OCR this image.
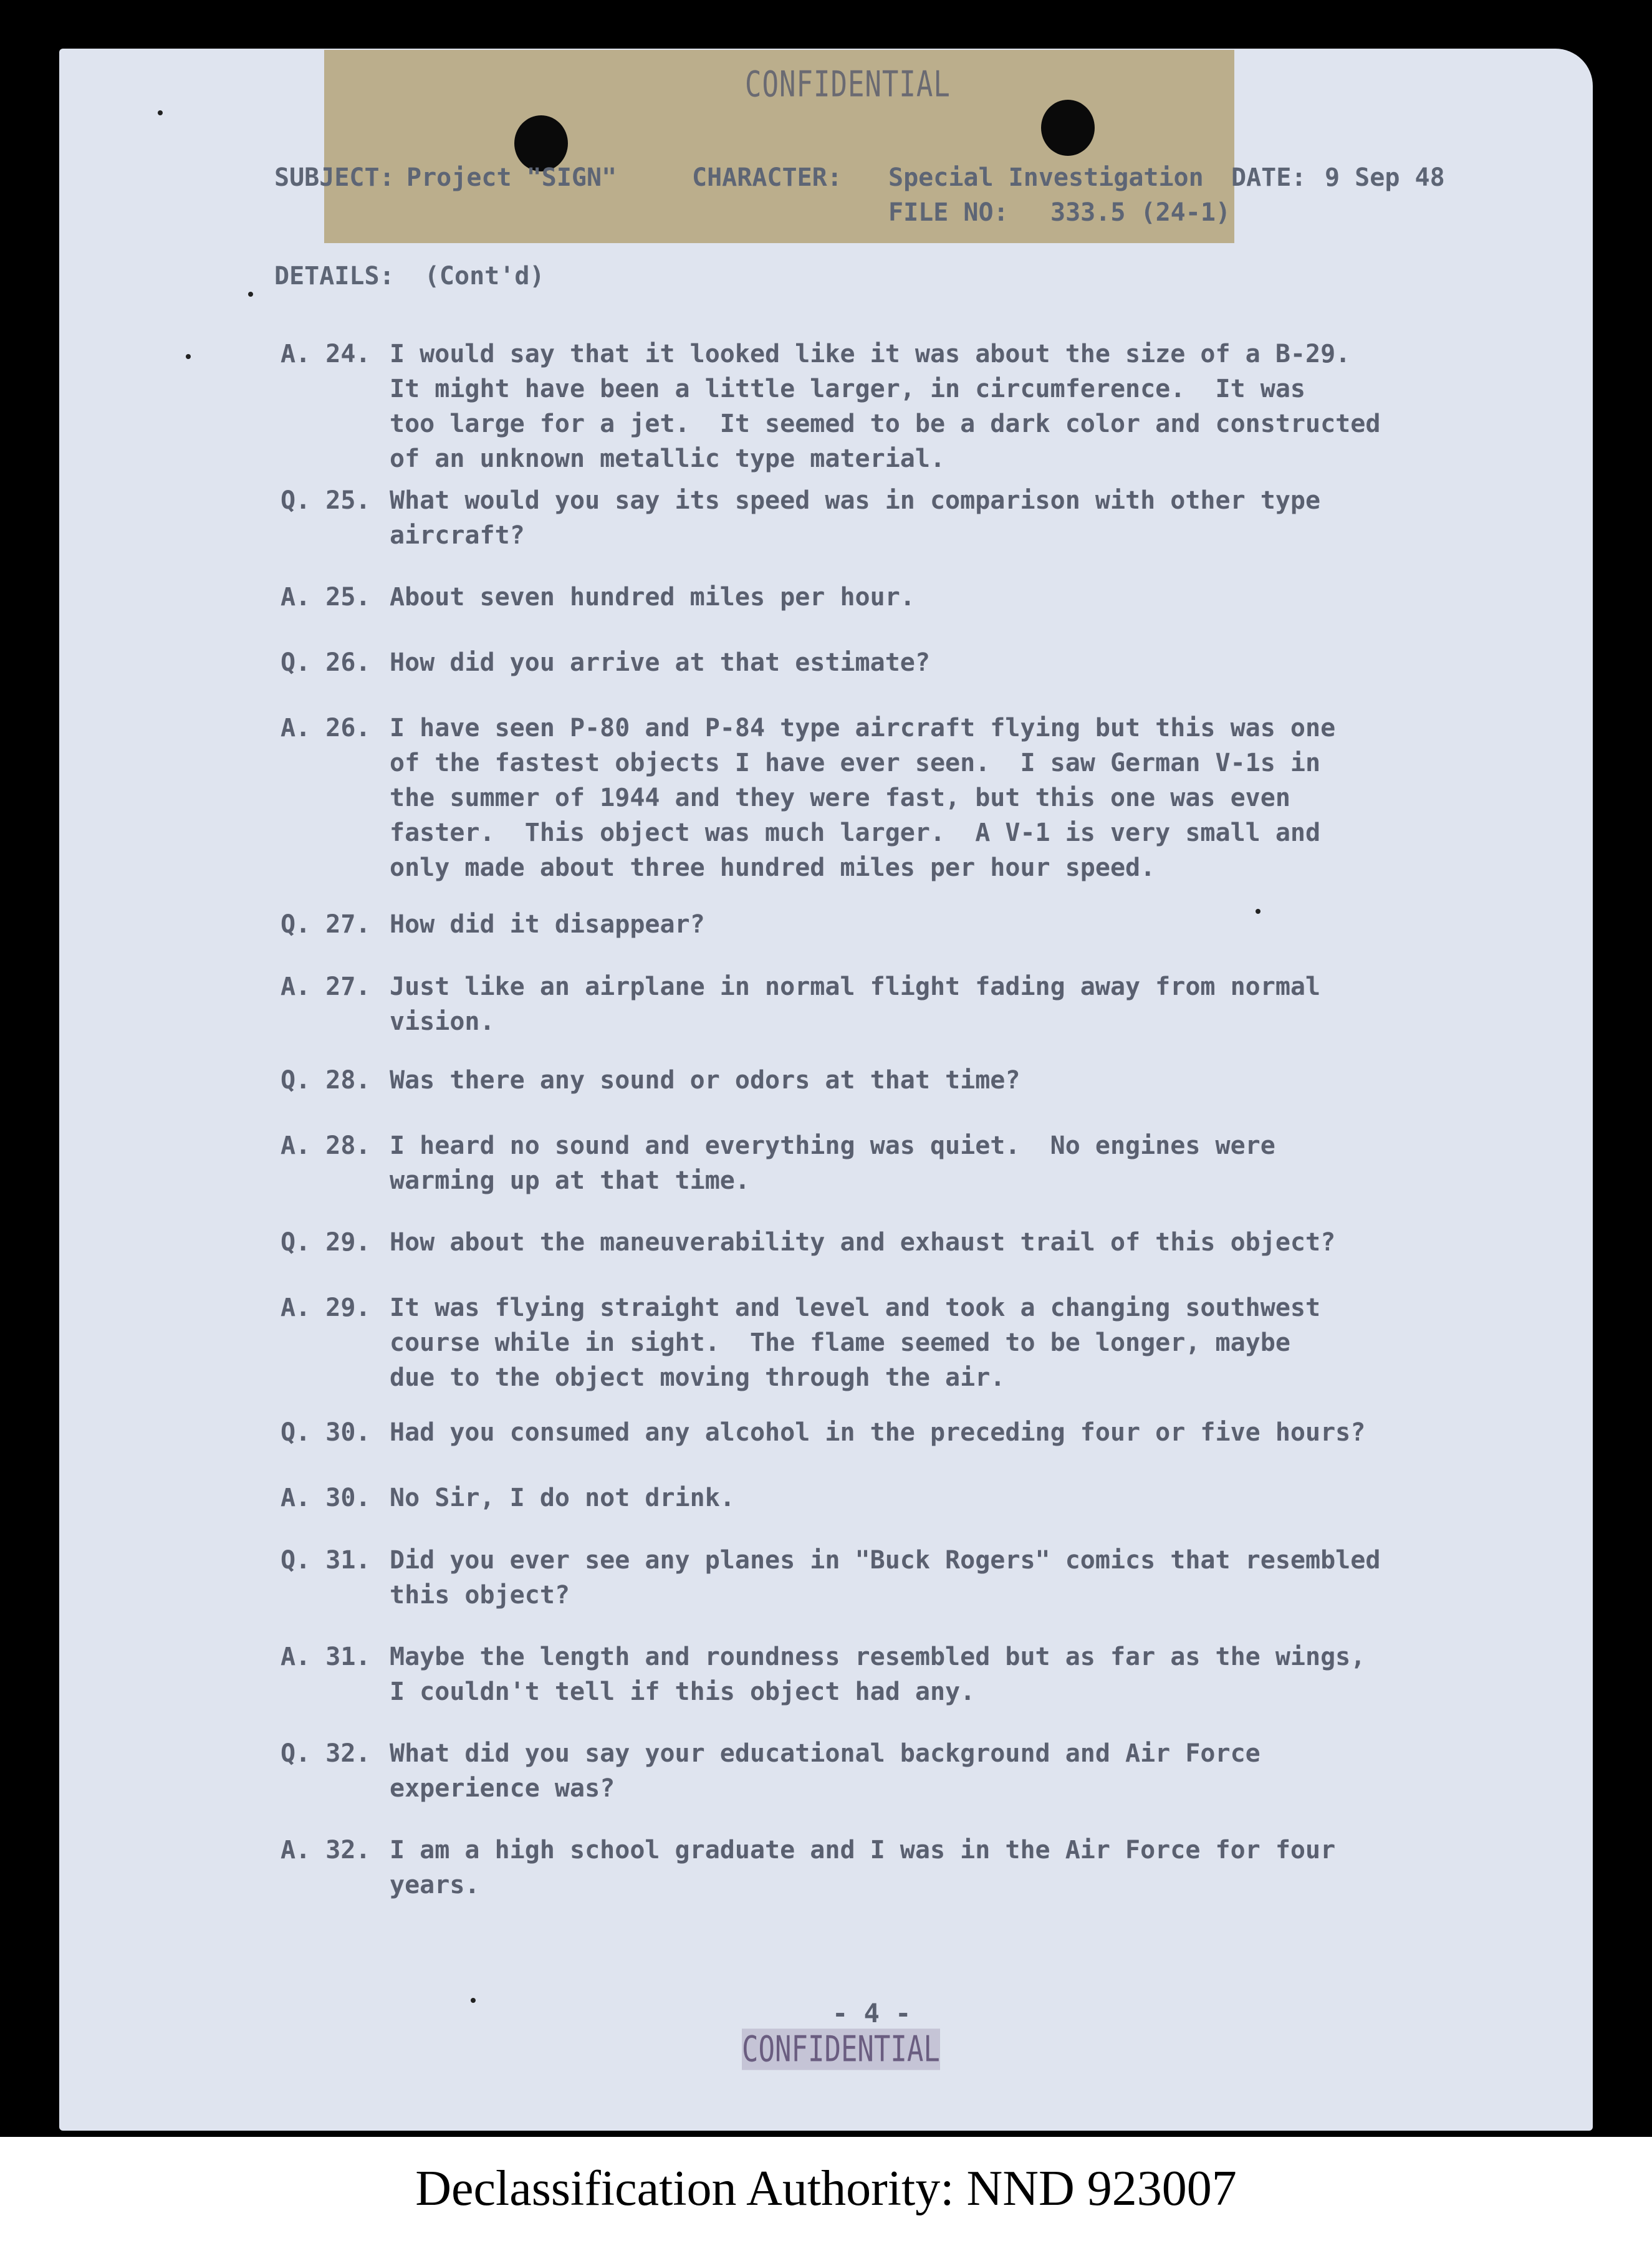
CONFIDENTIAL
SUBJECT: Project "SIGN"	CHARACTER: Special Investigation DATE: 9 Sep 48
FILE NO: 333.5 (24-1)
DETAILS:  (Cont'd)
A. 24. I would say that it looked like it was about the size of a B-29.
It might have been a little larger, in circumference.  It was
too large for a jet.  It seemed to be a dark color and constructed
of an unknown metallic type material.
Q. 25. What would you say its speed was in comparison with other type
aircraft?
A. 25. About seven hundred miles per hour.
Q. 26. How did you arrive at that estimate?
A. 26. I have seen P-80 and P-84 type aircraft flying but this was one
of the fastest objects I have ever seen.  I saw German V-1s in
the summer of 1944 and they were fast, but this one was even
faster.  This object was much larger.  A V-1 is very small and
only made about three hundred miles per hour speed.
Q. 27. How did it disappear?
A. 27. Just like an airplane in normal flight fading away from normal
vision.
Q. 28. Was there any sound or odors at that time?
A. 28. I heard no sound and everything was quiet.  No engines were
warming up at that time.
Q. 29. How about the maneuverability and exhaust trail of this object?
A. 29. It was flying straight and level and took a changing southwest
course while in sight.  The flame seemed to be longer, maybe
due to the object moving through the air.
Q. 30. Had you consumed any alcohol in the preceding four or five hours?
A. 30. No Sir, I do not drink.
Q. 31. Did you ever see any planes in "Buck Rogers" comics that resembled
this object?
A. 31. Maybe the length and roundness resembled but as far as the wings,
I couldn't tell if this object had any.
Q. 32. What did you say your educational background and Air Force
experience was?
A. 32. I am a high school graduate and I was in the Air Force for four
years.
- 4 -
CONFIDENTIAL
Declassification Authority: NND 923007
